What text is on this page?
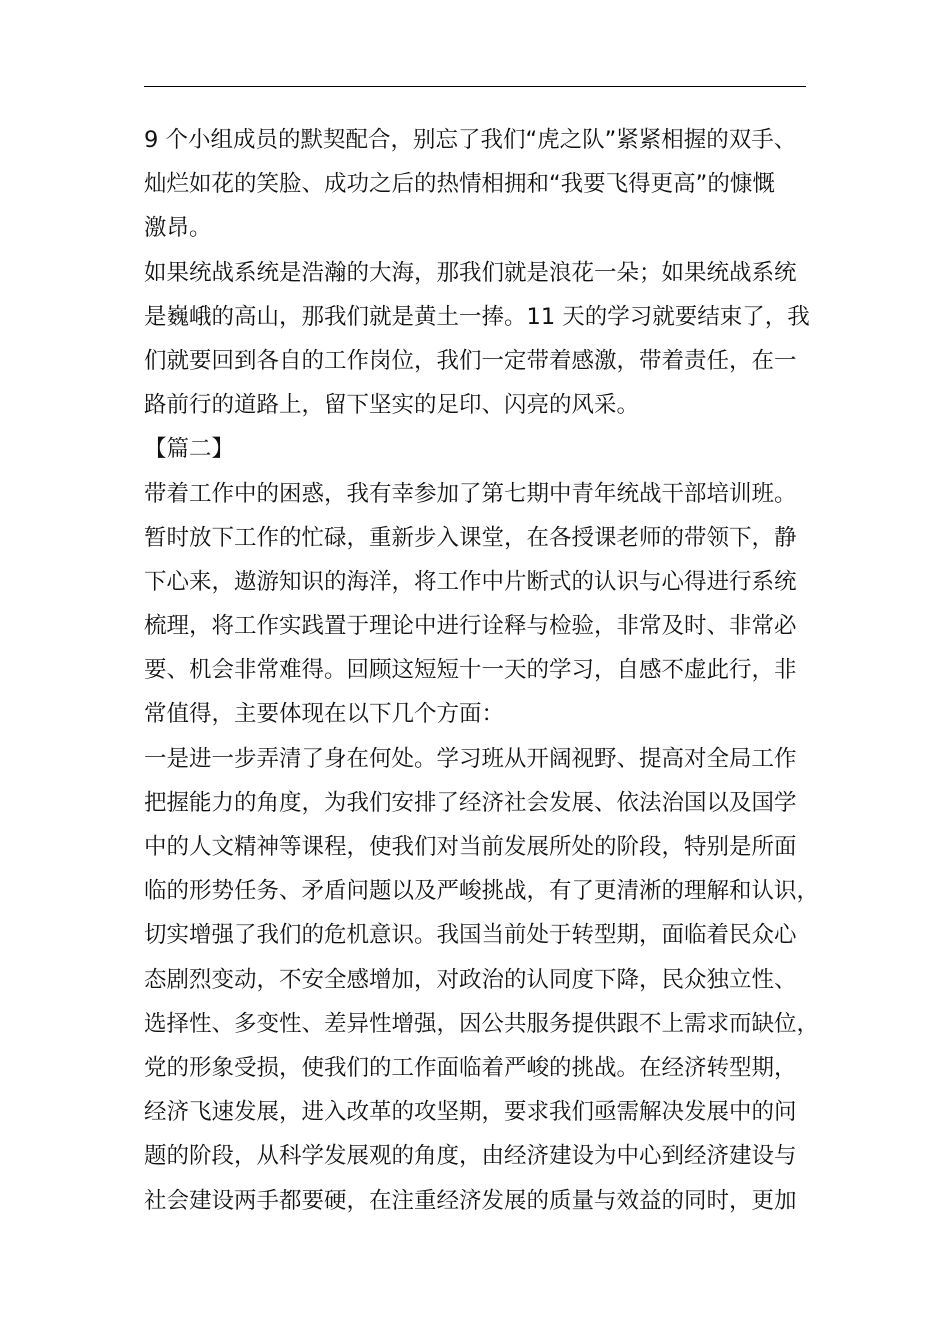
9 个小组成员的默契配合，别忘了我们“虎之队”紧紧相握的双手、
灿烂如花的笑脸、成功之后的热情相拥和“我要飞得更高”的慷慨
激昂。
如果统战系统是浩瀚的大海，那我们就是浪花一朵；如果统战系统
是巍峨的高山，那我们就是黄土一捧。11 天的学习就要结束了，我
们就要回到各自的工作岗位，我们一定带着感激，带着责任，在一
路前行的道路上，留下坚实的足印、闪亮的风采。
【篇二】
带着工作中的困惑，我有幸参加了第七期中青年统战干部培训班。
暂时放下工作的忙碌，重新步入课堂，在各授课老师的带领下，静
下心来，遨游知识的海洋，将工作中片断式的认识与心得进行系统
梳理，将工作实践置于理论中进行诠释与检验，非常及时、非常必
要、机会非常难得。回顾这短短十一天的学习，自感不虚此行，非
常值得，主要体现在以下几个方面：
一是进一步弄清了身在何处。学习班从开阔视野、提高对全局工作
把握能力的角度，为我们安排了经济社会发展、依法治国以及国学
中的人文精神等课程，使我们对当前发展所处的阶段，特别是所面
临的形势任务、矛盾问题以及严峻挑战，有了更清淅的理解和认识，
切实增强了我们的危机意识。我国当前处于转型期，面临着民众心
态剧烈变动，不安全感增加，对政治的认同度下降，民众独立性、
选择性、多变性、差异性增强，因公共服务提供跟不上需求而缺位，
党的形象受损，使我们的工作面临着严峻的挑战。在经济转型期，
经济飞速发展，进入改革的攻坚期，要求我们亟需解决发展中的问
题的阶段，从科学发展观的角度，由经济建设为中心到经济建设与
社会建设两手都要硬，在注重经济发展的质量与效益的同时，更加
